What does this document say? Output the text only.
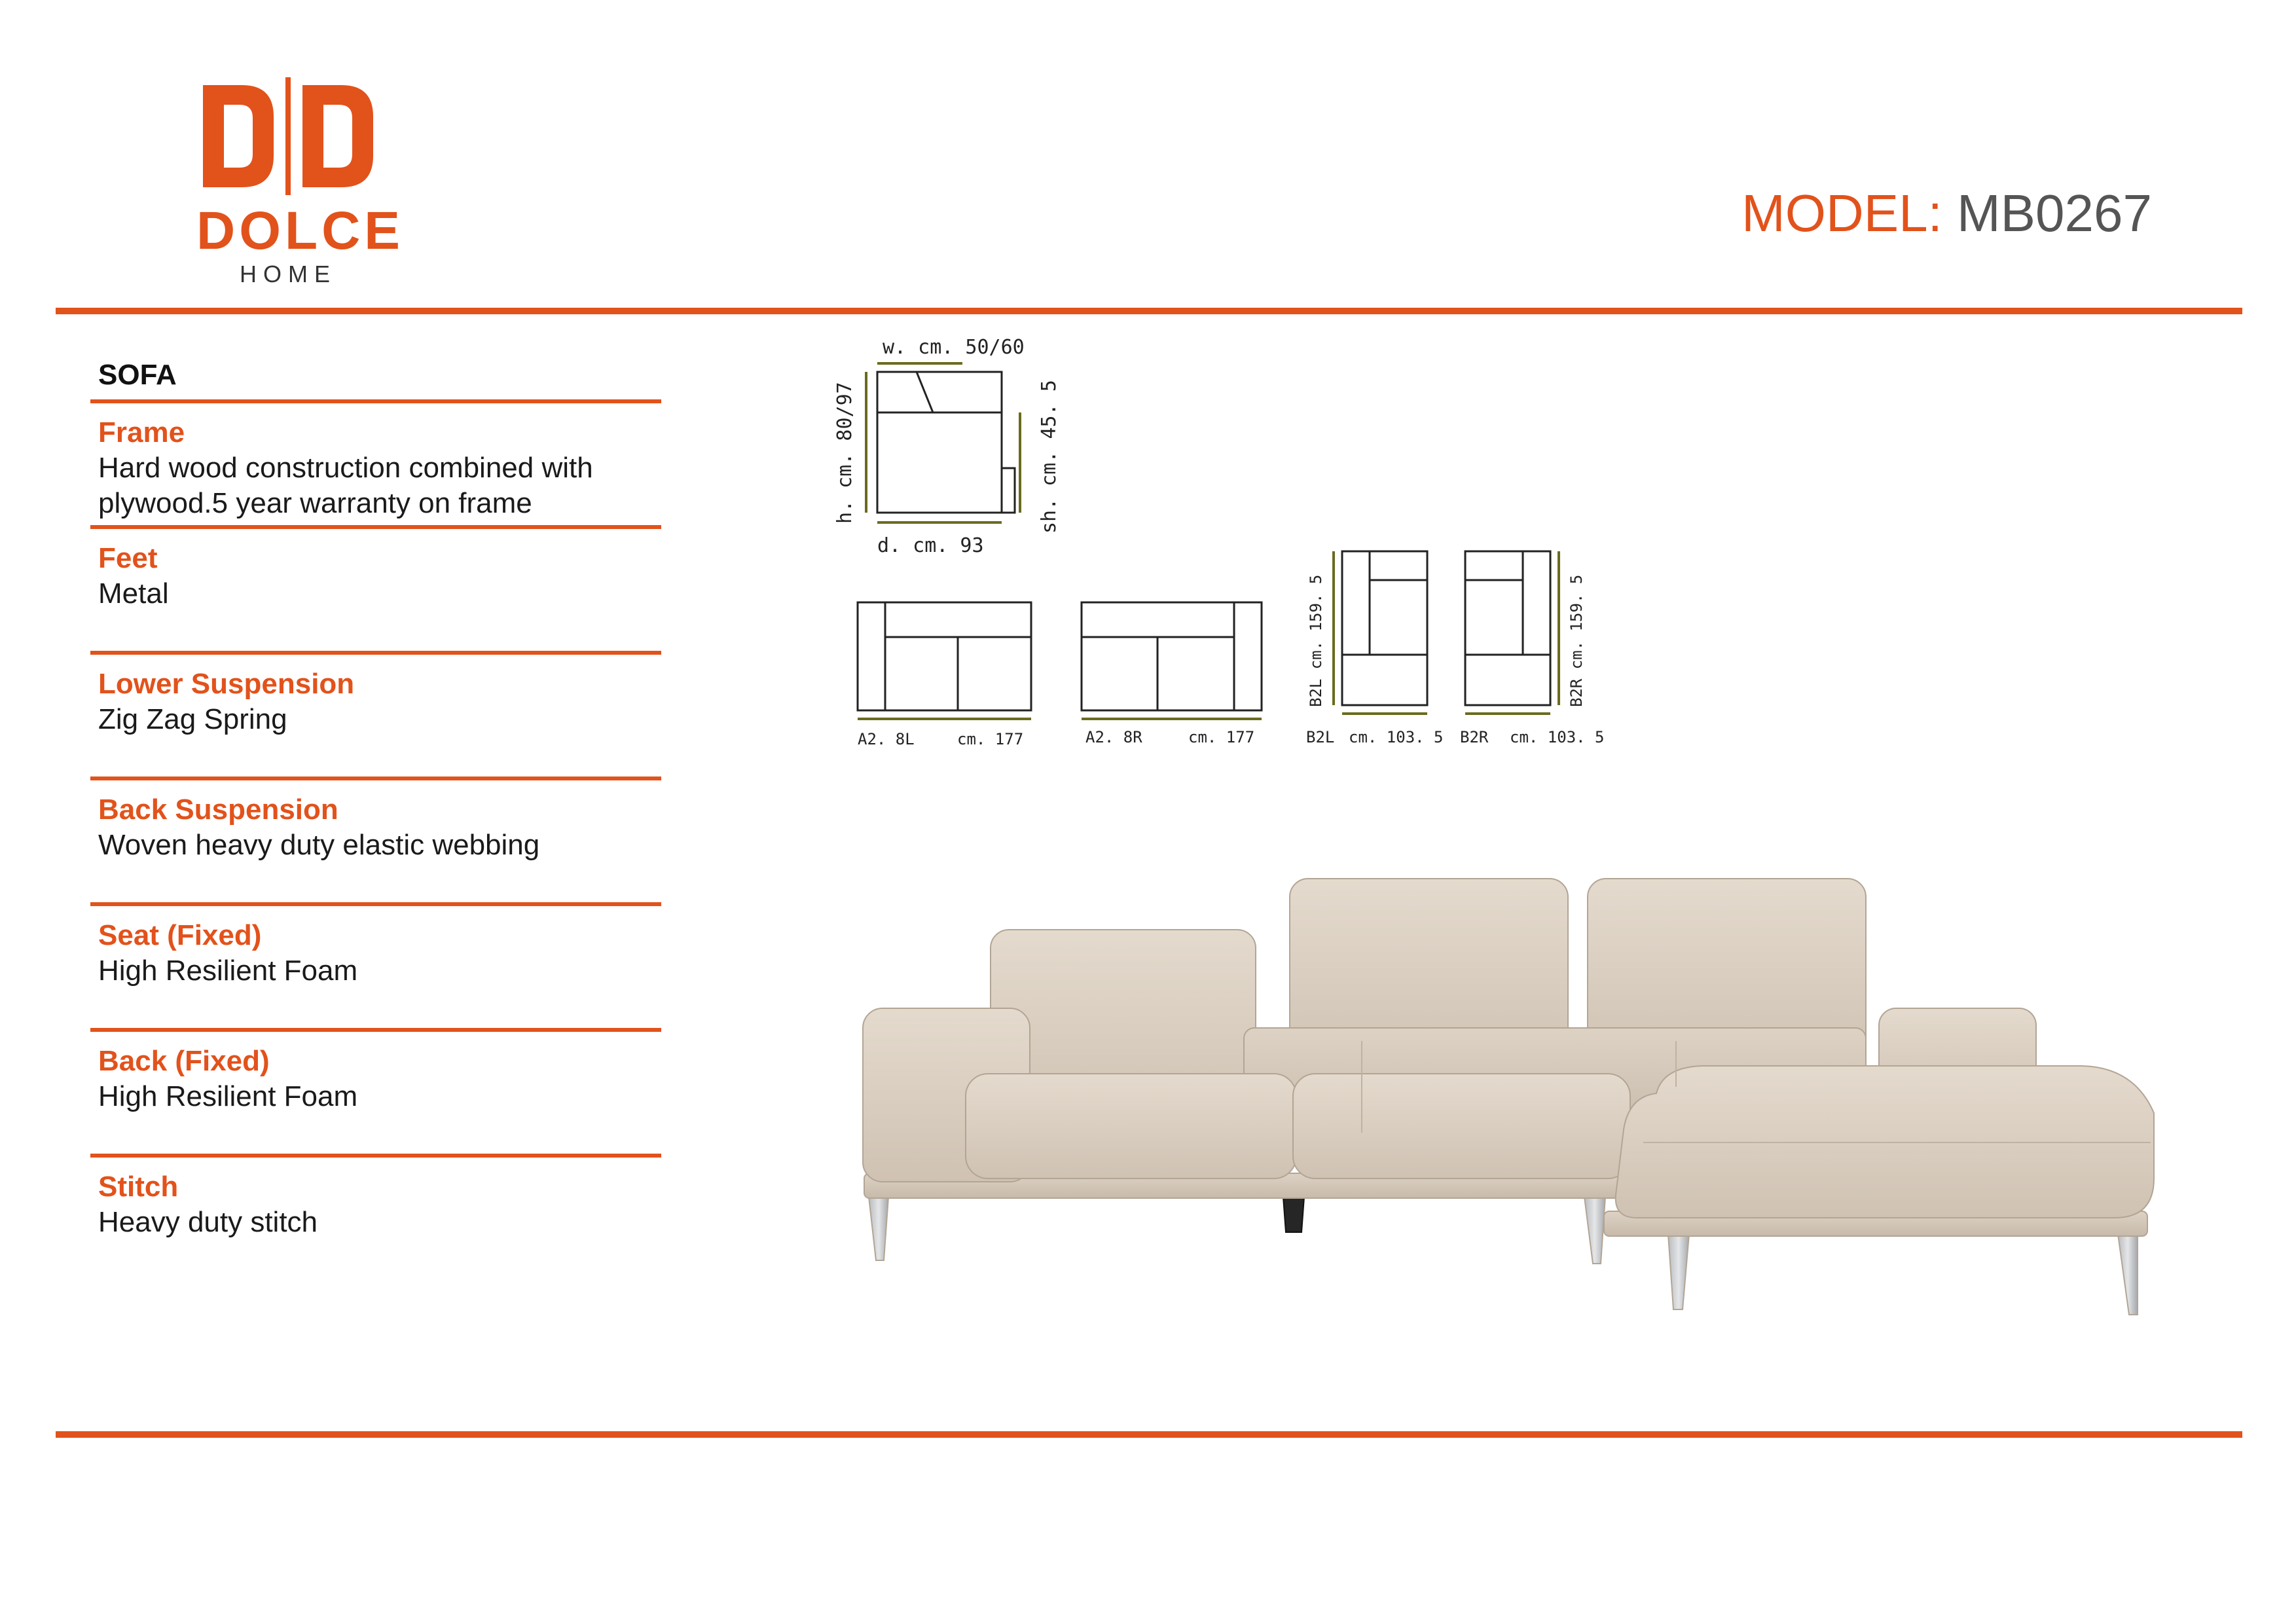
DOLCE
HOME
MODEL: MB0267
SOFA
Frame
Hard wood construction combined with plywood.5 year warranty on frame
Feet
Metal
Lower Suspension
Zig Zag Spring
Back Suspension
Woven heavy duty elastic webbing
Seat (Fixed)
High Resilient Foam
Back (Fixed)
High Resilient Foam
Stitch
Heavy duty stitch
w. cm. 50/60
h. cm. 80/97	sh. cm. 45. 5
d. cm. 93
A2. 8L	cm. 177	A2. 8R	cm. 177	B2L cm. 103. 5
B2L cm. 159. 5
B2R cm. 103. 5
B2R cm. 159. 5
